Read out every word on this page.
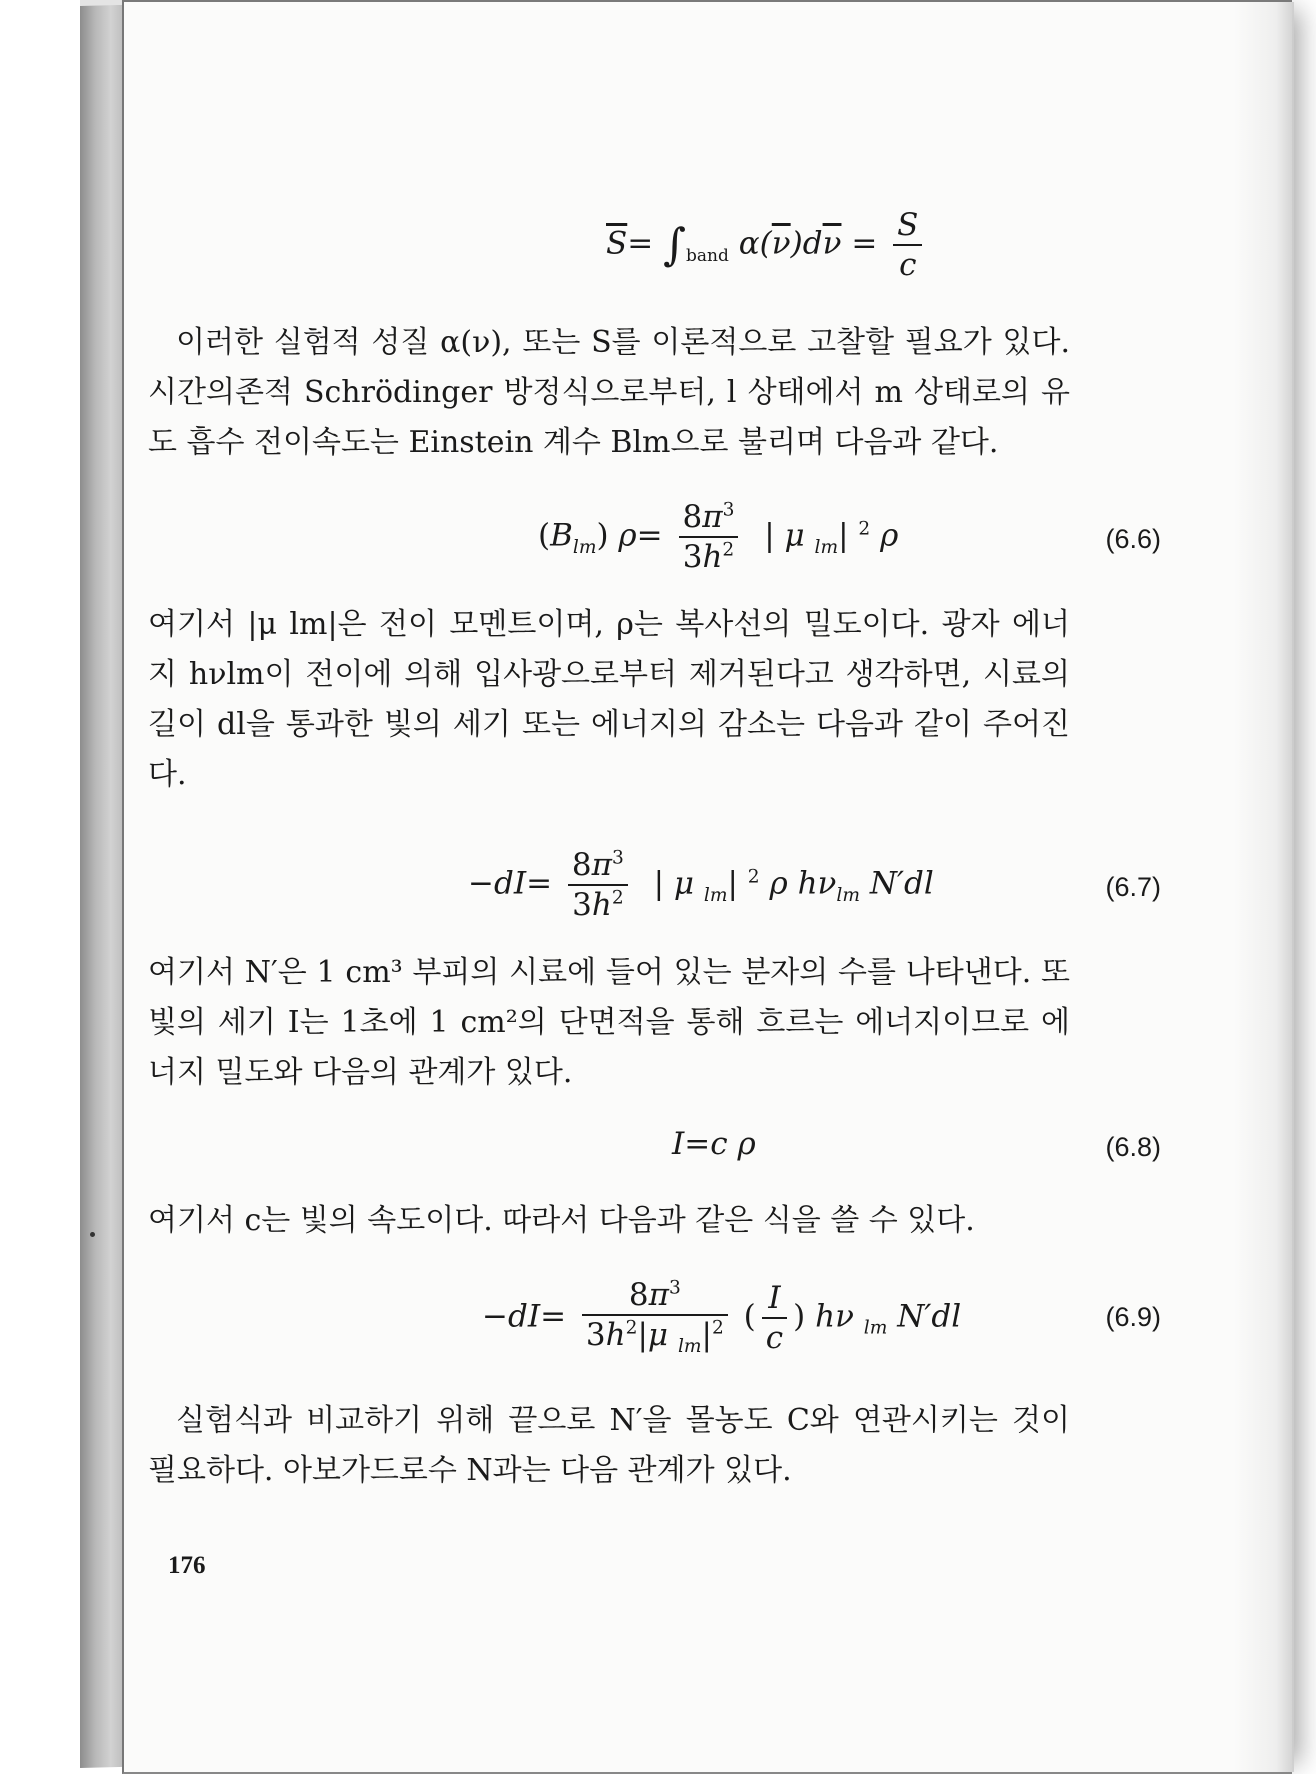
$\overline{S}= \int_{band}$ $\alpha(\overline{\nu})d\overline{\nu} = \frac{S}{c}$

이러한 실험적 성질 α(ν), 또는 S를 이론적으로 고찰할 필요가 있다. 시간의존적 Schrödinger 방정식으로부터, l 상태에서 m 상태로의 유도 흡수 전이속도는 Einstein 계수 Blm으로 불리며 다음과 같다.

$(B_{lm})$ $\rho= \frac{8\pi^3}{3h^2}$ | μ $_{lm}$| $^2$ ρ	(6.6)

여기서 |μ lm|은 전이 모멘트이며, ρ는 복사선의 밀도이다. 광자 에너지 hνlm이 전이에 의해 입사광으로부터 제거된다고 생각하면, 시료의 길이 dl을 통과한 빛의 세기 또는 에너지의 감소는 다음과 같이 주어진다.

$-dI= \frac{8\pi^3}{3h^2}$ | μ $_{lm}$| $^2$ ρ $h\nu_{lm}$ N′dl	(6.7)

여기서 N′은 1 cm³ 부피의 시료에 들어 있는 분자의 수를 나타낸다. 또 빛의 세기 I는 1초에 1 cm²의 단면적을 통해 흐르는 에너지이므로 에너지 밀도와 다음의 관계가 있다.

I=c ρ	(6.8)

여기서 c는 빛의 속도이다. 따라서 다음과 같은 식을 쓸 수 있다.

$-dI= \frac{8\pi^3}{3h^2|\mu _{lm}|^2}$ ( $\frac{I}{c}$ ) hν $_{lm}$ N′dl	(6.9)

실험식과 비교하기 위해 끝으로 N′을 몰농도 C와 연관시키는 것이 필요하다. 아보가드로수 N과는 다음 관계가 있다.

176
